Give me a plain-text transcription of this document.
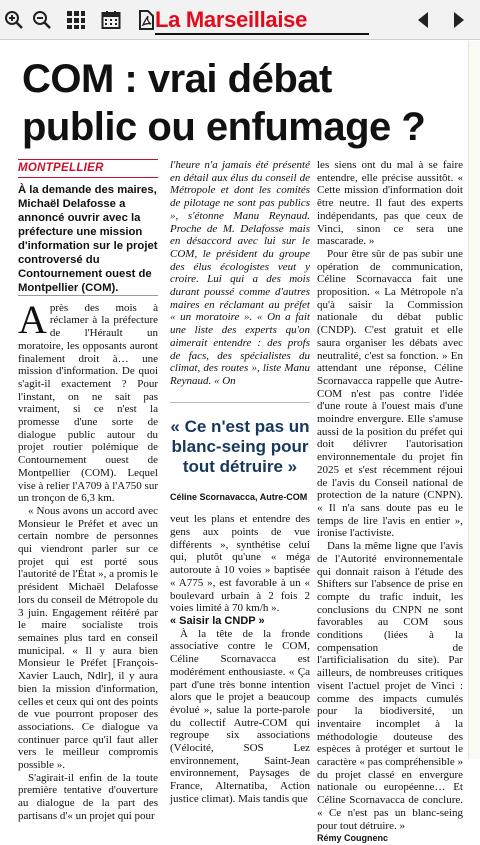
La Marseillaise
COM : vrai débat
public ou enfumage ?
MONTPELLIER

À la demande des maires, Michaël Delafosse a annoncé ouvrir avec la préfecture une mission d'information sur le projet controversé du Contournement ouest de Montpellier (COM).

Après des mois à réclamer à la préfecture de l'Hérault un moratoire, les opposants auront finalement droit à… une mission d'information. De quoi s'agit-il exactement ? Pour l'instant, on ne sait pas vraiment, si ce n'est la promesse d'une sorte de dialogue public autour du projet routier polémique de Contournement ouest de Montpellier (COM). Lequel vise à relier l'A709 à l'A750 sur un tronçon de 6,3 km.

« Nous avons un accord avec Monsieur le Préfet et avec un certain nombre de personnes qui viendront parler sur ce projet qui est porté sous l'autorité de l'État », a promis le président Michaël Delafosse lors du conseil de Métropole du 3 juin. Engagement réitéré par le maire socialiste trois semaines plus tard en conseil municipal. « Il y aura bien Monsieur le Préfet [François-Xavier Lauch, Ndlr], il y aura bien la mission d'information, celles et ceux qui ont des points de vue pourront proposer des associations. Ce dialogue va continuer parce qu'il faut aller vers le meilleur compromis possible ».

S'agirait-il enfin de la toute première tentative d'ouverture au dialogue de la part des partisans d'« un projet qui pour

l'heure n'a jamais été présenté en détail aux élus du conseil de Métropole et dont les comités de pilotage ne sont pas publics », s'étonne Manu Reynaud. Proche de M. Delafosse mais en désaccord avec lui sur le COM, le président du groupe des élus écologistes veut y croire. Lui qui a des mois durant poussé comme d'autres maires en réclamant au préfet « un moratoire ». « On a fait une liste des experts qu'on aimerait entendre : des profs de facs, des spécialistes du climat, des routes », liste Manu Reynaud. « On

« Ce n'est pas un blanc-seing pour tout détruire »
Céline Scornavacca, Autre-COM

veut les plans et entendre des gens aux points de vue différents », synthétise celui qui, plutôt qu'une « méga autoroute à 10 voies » baptisée « A775 », est favorable à un « boulevard urbain à 2 fois 2 voies limité à 70 km/h ».

« Saisir la CNDP »

À la tête de la fronde associative contre le COM, Céline Scornavacca est modérément enthousiaste. « Ça part d'une très bonne intention alors que le projet a beaucoup évolué », salue la porte-parole du collectif Autre-COM qui regroupe six associations (Vélocité, SOS Lez environnement, Saint-Jean environnement, Paysages de France, Alternatiba, Action justice climat). Mais tandis que

les siens ont du mal à se faire entendre, elle précise aussitôt. « Cette mission d'information doit être neutre. Il faut des experts indépendants, pas que ceux de Vinci, sinon ce sera une mascarade. »

Pour être sûr de pas subir une opération de communication, Céline Scornavacca fait une proposition. « La Métropole n'a qu'à saisir la Commission nationale du débat public (CNDP). C'est gratuit et elle saura organiser les débats avec neutralité, c'est sa fonction. » En attendant une réponse, Céline Scornavacca rappelle que Autre-COM n'est pas contre l'idée d'une route à l'ouest mais d'une moindre envergure. Elle s'amuse aussi de la position du préfet qui doit délivrer l'autorisation environnementale du projet fin 2025 et s'est récemment réjoui de l'avis du Conseil national de protection de la nature (CNPN). « Il n'a sans doute pas eu le temps de lire l'avis en entier », ironise l'activiste.

Dans la même ligne que l'avis de l'Autorité environnementale qui donnait raison à l'étude des Shifters sur l'absence de prise en compte du trafic induit, les conclusions du CNPN ne sont favorables au COM sous conditions (liées à la compensation de l'artificialisation du site). Par ailleurs, de nombreuses critiques visent l'actuel projet de Vinci : comme des impacts cumulés pour la biodiversité, un inventaire incomplet à la méthodologie douteuse des espèces à protéger et surtout le caractère « pas compréhensible » du projet classé en envergure nationale ou européenne… Et Céline Scornavacca de conclure. « Ce n'est pas un blanc-seing pour tout détruire. »

Rémy Cougnenc
